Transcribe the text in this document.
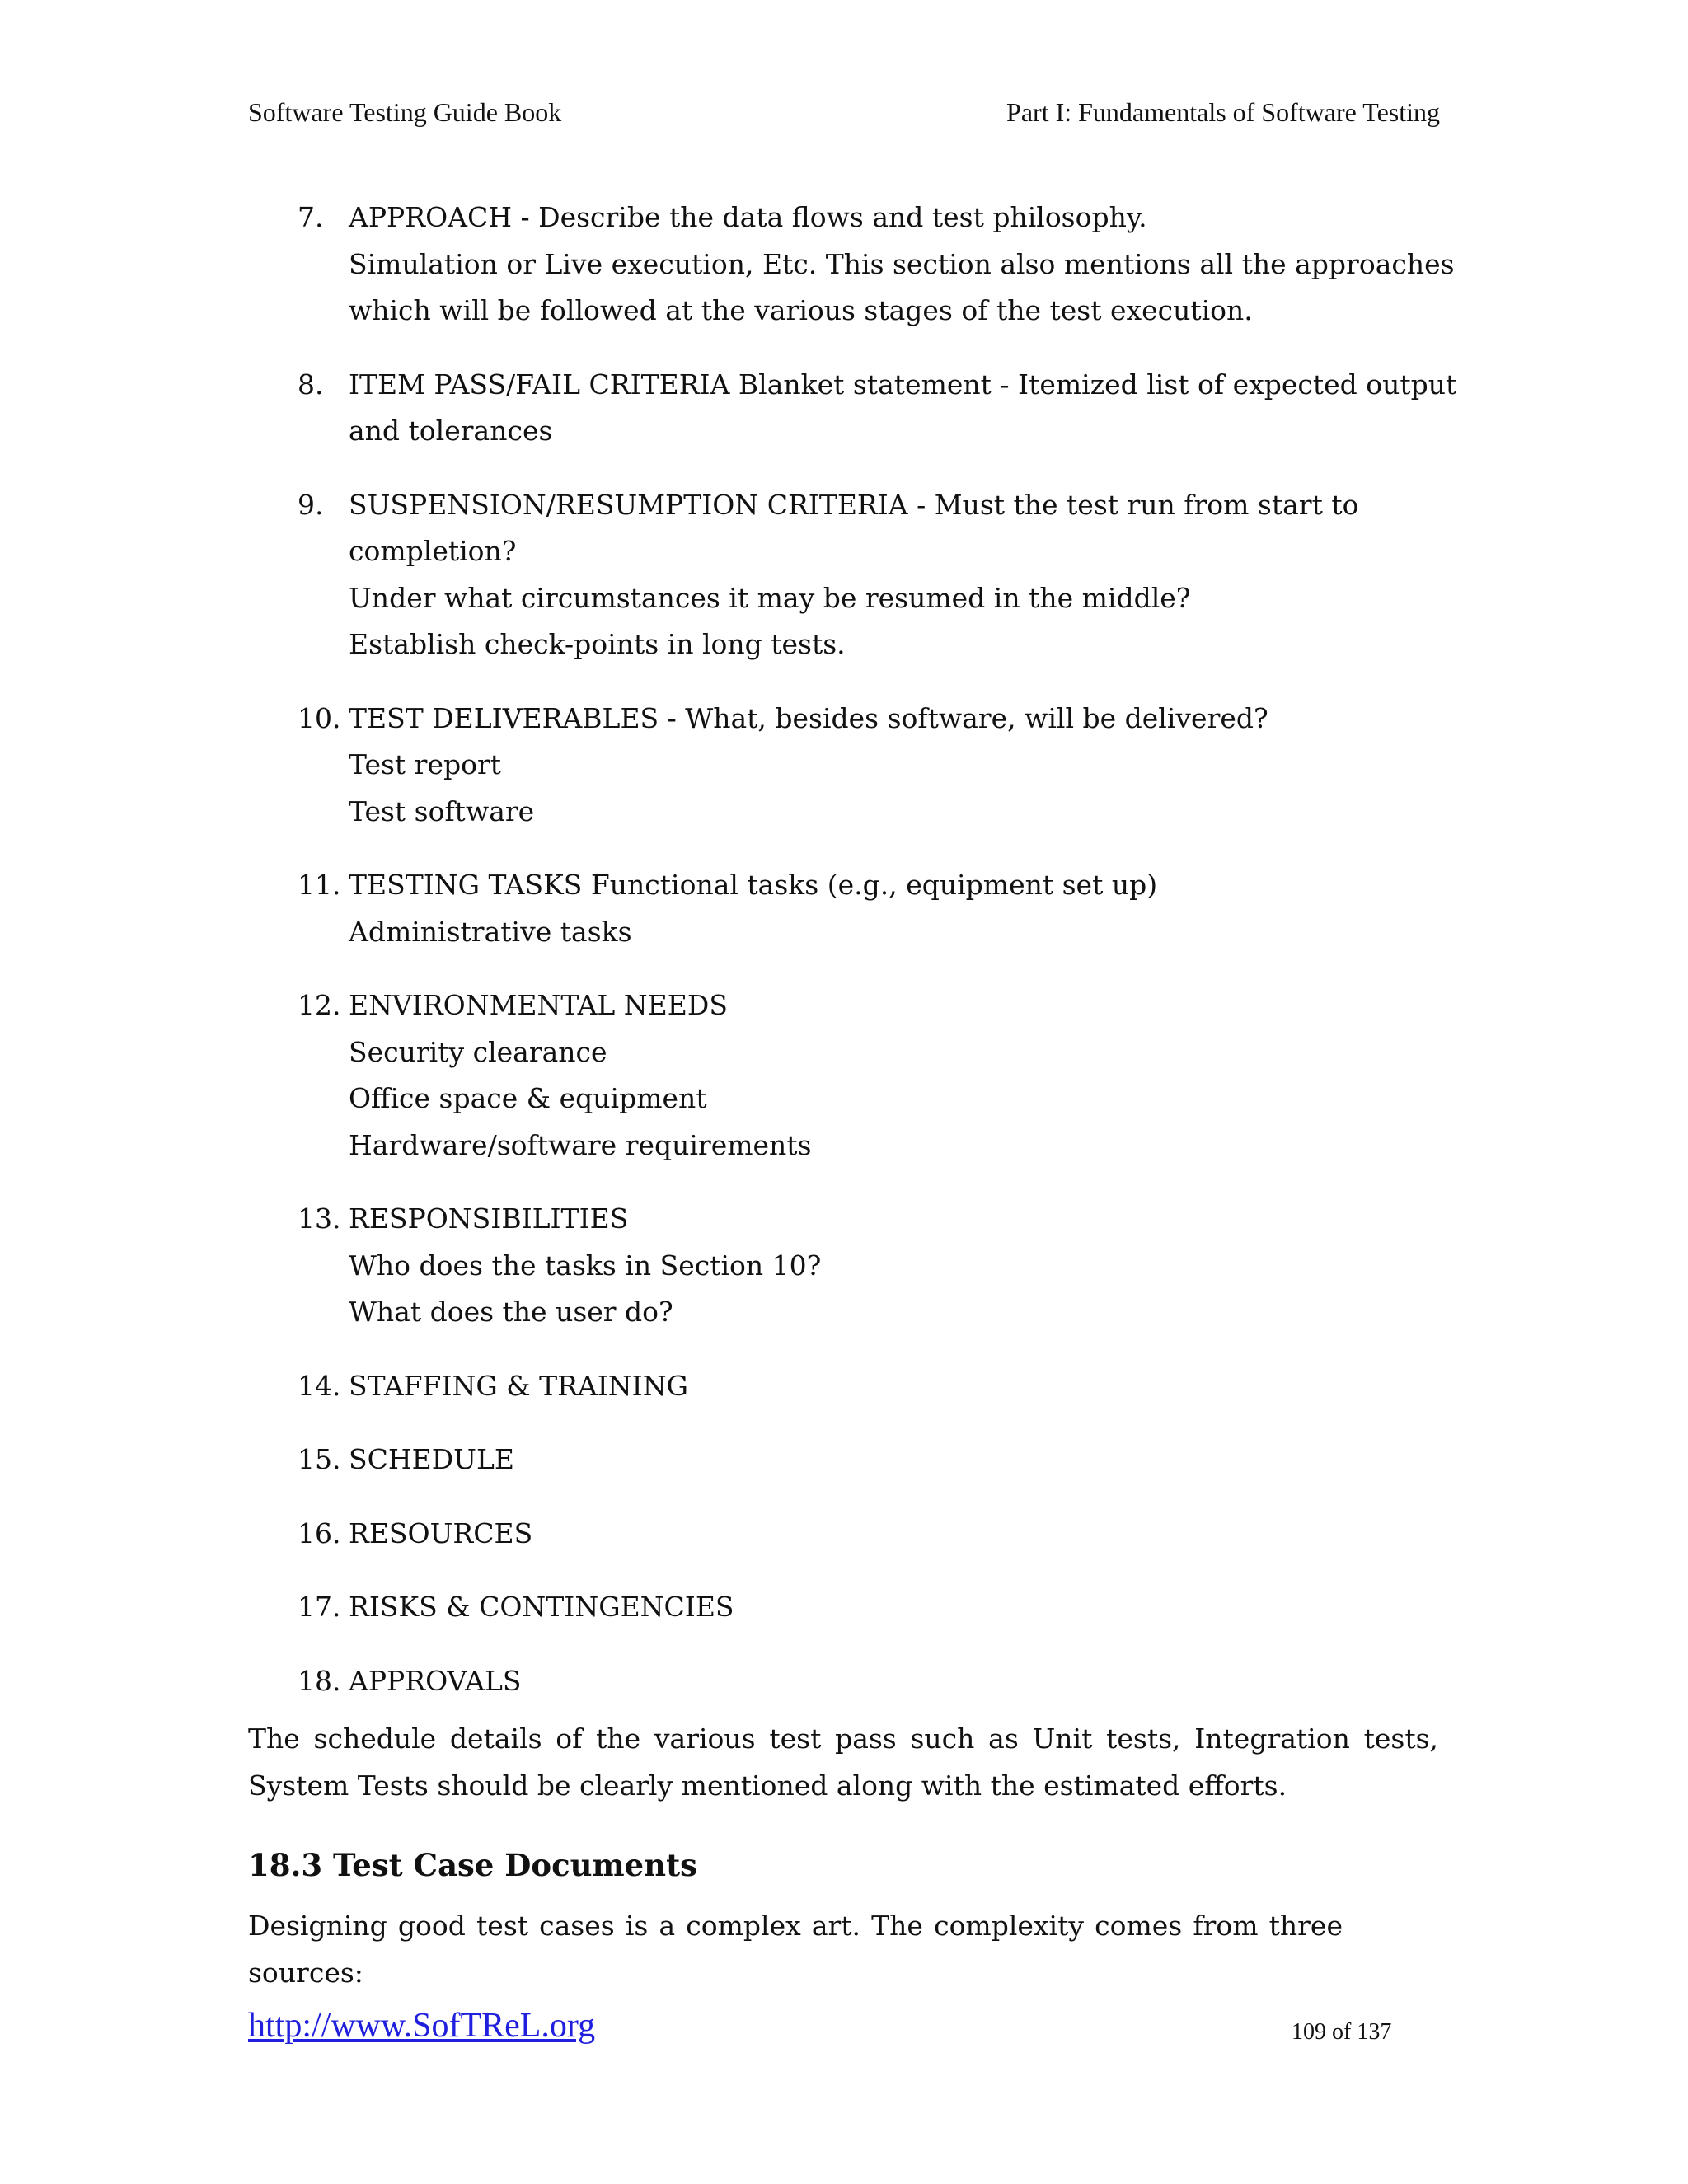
Software Testing Guide Book	Part I: Fundamentals of Software Testing
7. APPROACH - Describe the data flows and test philosophy.
Simulation or Live execution, Etc. This section also mentions all the approaches
which will be followed at the various stages of the test execution.
8. ITEM PASS/FAIL CRITERIA Blanket statement - Itemized list of expected output
and tolerances
9. SUSPENSION/RESUMPTION CRITERIA - Must the test run from start to
completion?
Under what circumstances it may be resumed in the middle?
Establish check-points in long tests.
10. TEST DELIVERABLES - What, besides software, will be delivered?
Test report
Test software
11. TESTING TASKS Functional tasks (e.g., equipment set up)
Administrative tasks
12. ENVIRONMENTAL NEEDS
Security clearance
Office space & equipment
Hardware/software requirements
13. RESPONSIBILITIES
Who does the tasks in Section 10?
What does the user do?
14. STAFFING & TRAINING
15. SCHEDULE
16. RESOURCES
17. RISKS & CONTINGENCIES
18. APPROVALS

The schedule details of the various test pass such as Unit tests, Integration tests, System Tests should be clearly mentioned along with the estimated efforts.

18.3 Test Case Documents

Designing good test cases is a complex art. The complexity comes from three sources:

http://www.SofTReL.org	109 of 137
